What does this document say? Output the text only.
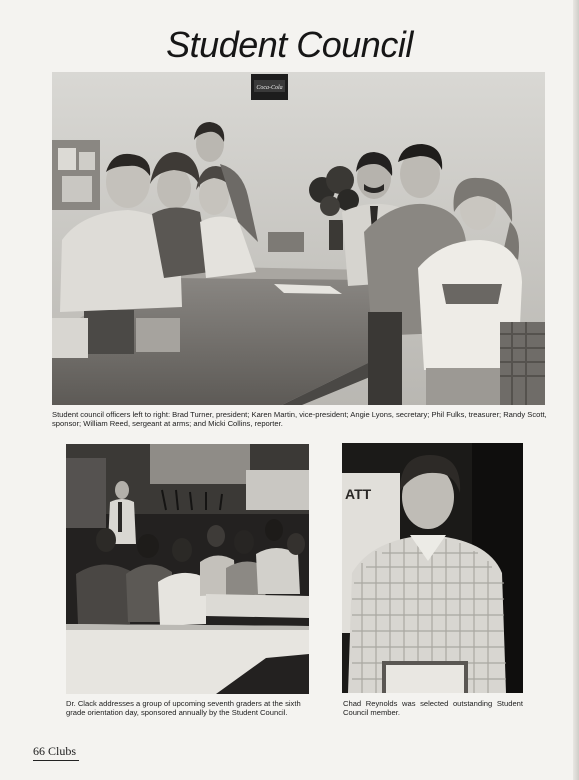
Student Council
Coca-Cola
Student council officers left to right: Brad Turner, president; Karen Martin, vice-president; Angie Lyons, secretary; Phil Fulks, treasurer; Randy Scott, sponsor; William Reed, sergeant at arms; and Micki Collins, reporter.
Dr. Clack addresses a group of upcoming seventh graders at the sixth grade orientation day, sponsored annually by the Student Council.
ATT
Chad Reynolds was selected outstanding Student Council member.
66 Clubs
